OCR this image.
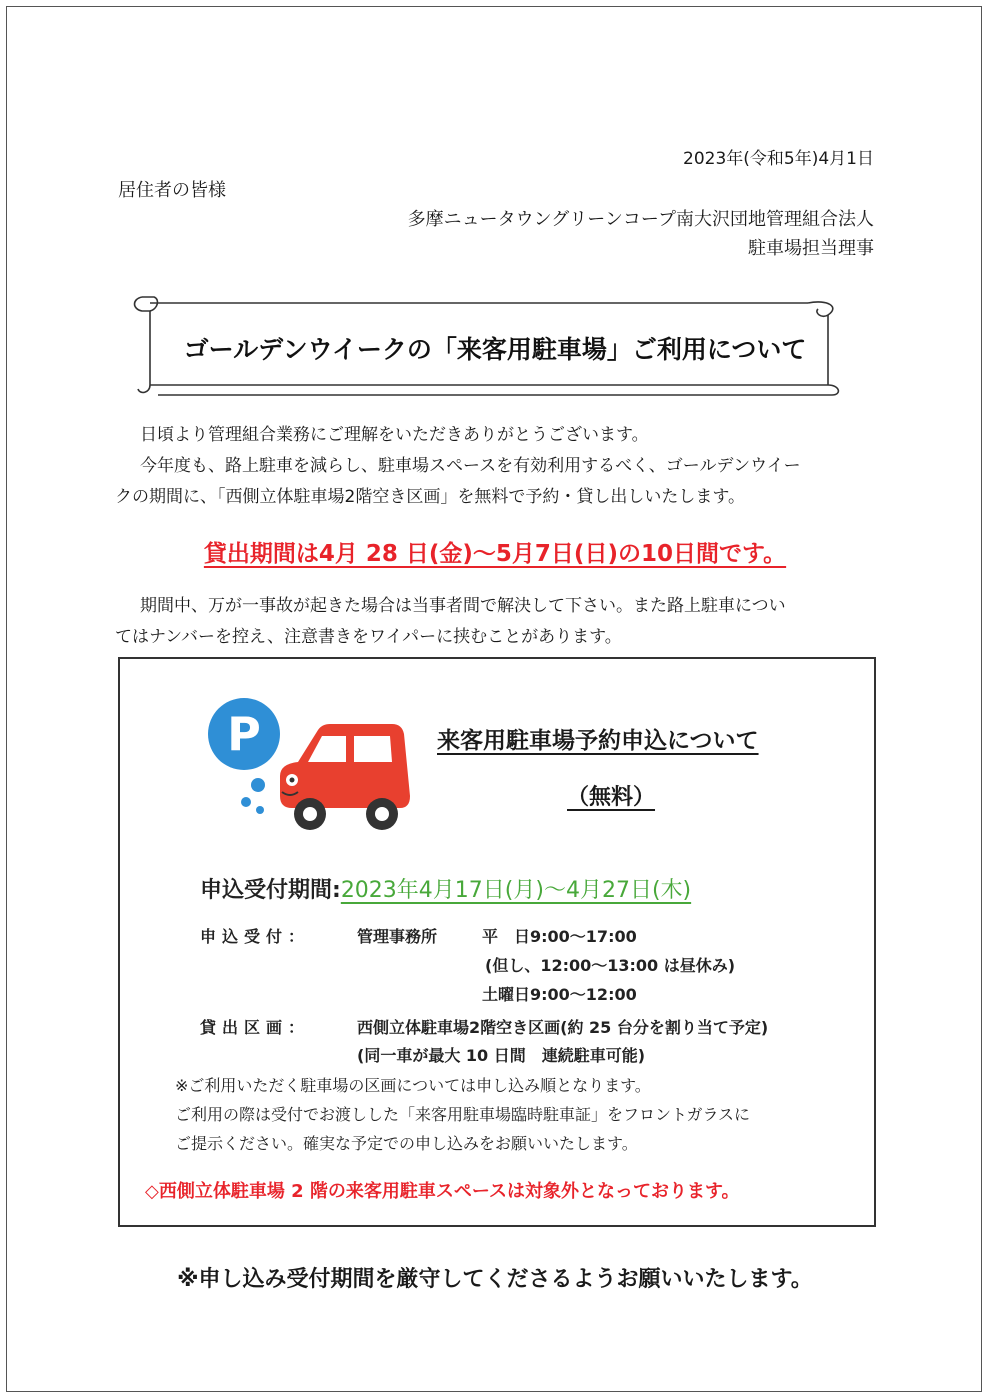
2023年(令和5年)4月1日
居住者の皆様
多摩ニュータウングリーンコープ南大沢団地管理組合法人
駐車場担当理事
ゴールデンウイークの「来客用駐車場」ご利用について
日頃より管理組合業務にご理解をいただきありがとうございます。
今年度も、路上駐車を減らし、駐車場スペースを有効利用するべく、ゴールデンウイー
クの期間に、「西側立体駐車場2階空き区画」を無料で予約・貸し出しいたします。
貸出期間は4月 28 日(金)～5月7日(日)の10日間です。
期間中、万が一事故が起きた場合は当事者間で解決して下さい。また路上駐車につい
てはナンバーを控え、注意書きをワイパーに挟むことがあります。
P	来客用駐車場予約申込について
（無料）
申込受付期間:2023年4月17日(月)～4月27日(木)
申込受付：	管理事務所	平　日 9:00～17:00
(但し、12:00～13:00 は昼休み)
土曜日 9:00～12:00
貸出区画：	西側立体駐車場2階空き区画(約 25 台分を割り当て予定)
(同一車が最大 10 日間　連続駐車可能)
※ご利用いただく駐車場の区画については申し込み順となります。
ご利用の際は受付でお渡しした「来客用駐車場臨時駐車証」をフロントガラスに
ご提示ください。確実な予定での申し込みをお願いいたします。
◇西側立体駐車場 2 階の来客用駐車スペースは対象外となっております。
※申し込み受付期間を厳守してくださるようお願いいたします。
